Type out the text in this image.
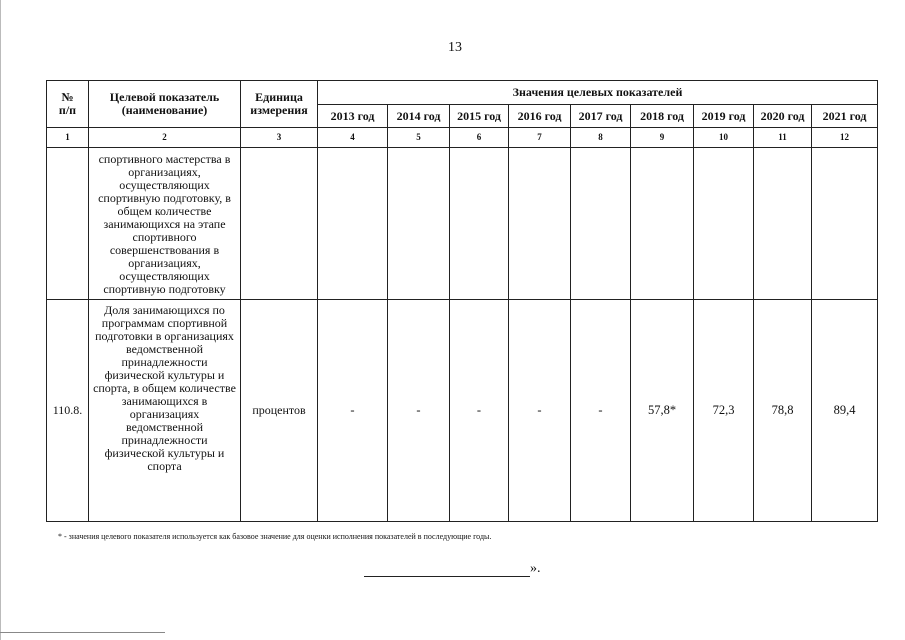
13
№
п/п	Целевой показатель (наименование)	Единица измерения	Значения целевых показателей								
			2013 год	2014 год	2015 год	2016 год	2017 год	2018 год	2019 год	2020 год	2021 год
1	2	3	4	5	6	7	8	9	10	11	12
	спортивного мастерства в организациях, осуществляющих спортивную подготовку, в общем количестве занимающихся на этапе спортивного совершенствования в организациях, осуществляющих спортивную подготовку										
110.8.	Доля занимающихся по программам спортивной подготовки в организациях ведомственной принадлежности физической культуры и спорта, в общем количестве занимающихся в организациях ведомственной принадлежности физической культуры и спорта	процентов	-	-	-	-	-	57,8*	72,3	78,8	89,4
* - значения целевого показателя используется как базовое значение для оценки исполнения показателей в последующие годы.
».
